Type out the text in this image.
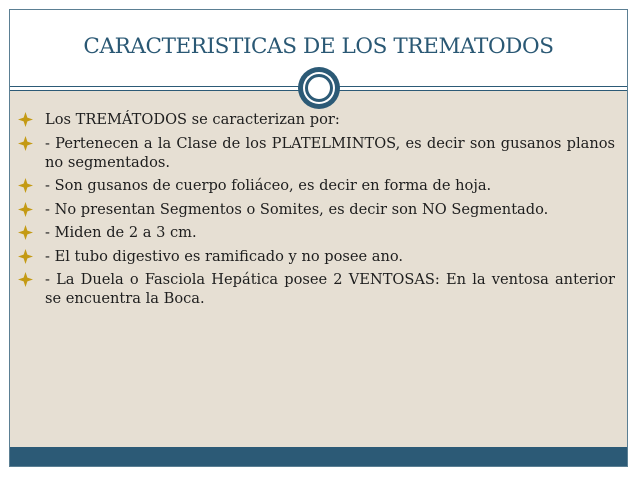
CARACTERISTICAS DE LOS TREMATODOS
Los TREMÁTODOS se caracterizan por:
- Pertenecen a la Clase de los PLATELMINTOS, es decir son gusanos planos no segmentados.
- Son gusanos de cuerpo foliáceo, es decir en forma de hoja.
- No presentan Segmentos o Somites, es decir son NO Segmentado.
- Miden de 2 a 3 cm.
- El tubo digestivo es ramificado y no posee ano.
- La Duela o Fasciola Hepática posee 2 VENTOSAS: En la ventosa anterior se encuentra la Boca.
